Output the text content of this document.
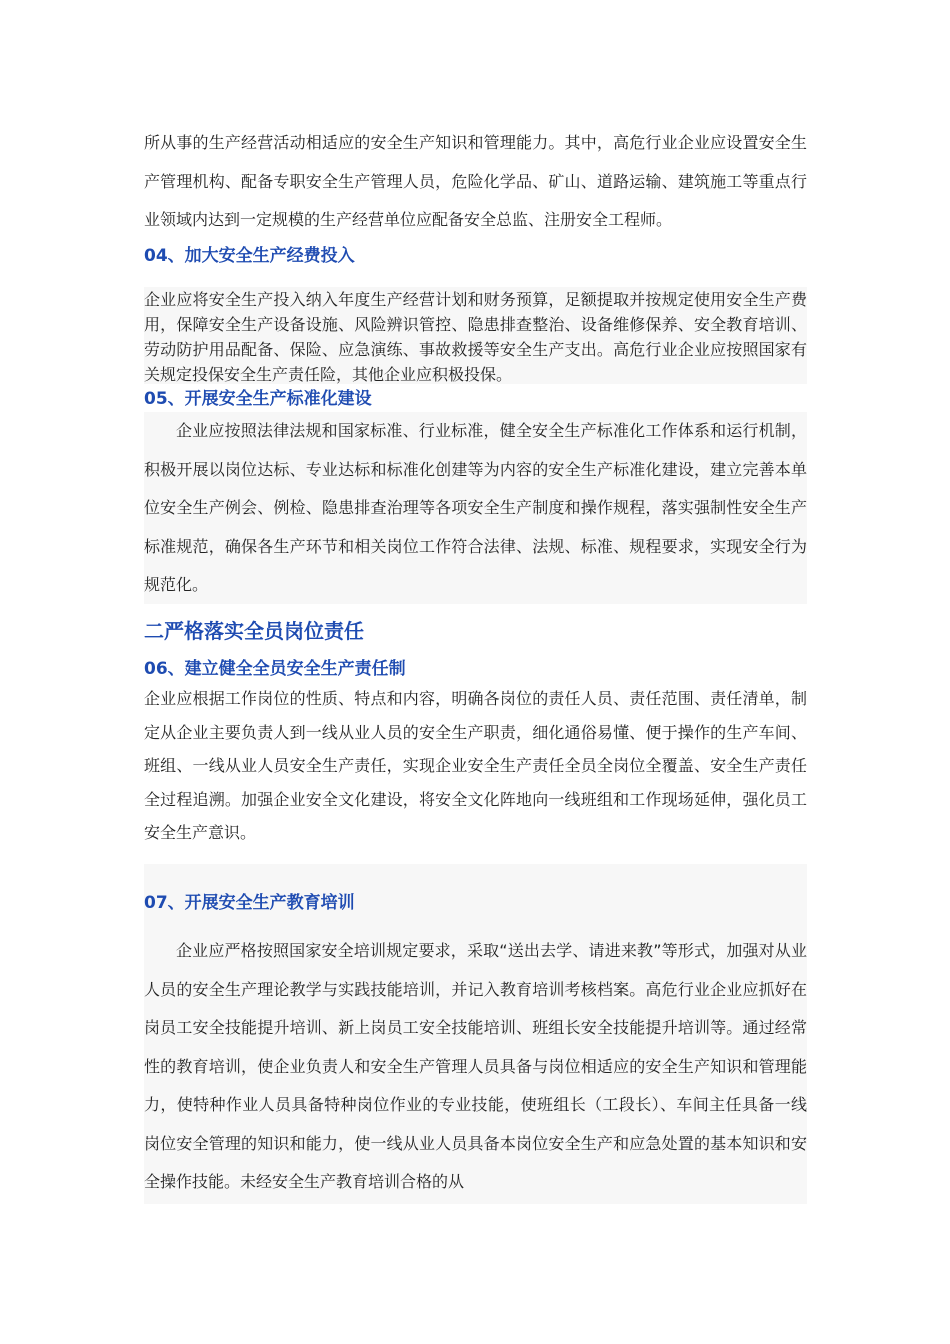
所从事的生产经营活动相适应的安全生产知识和管理能力。其中，高危行业企业应设置安全生产管理机构、配备专职安全生产管理人员，危险化学品、矿山、道路运输、建筑施工等重点行业领域内达到一定规模的生产经营单位应配备安全总监、注册安全工程师。

04、加大安全生产经费投入

企业应将安全生产投入纳入年度生产经营计划和财务预算，足额提取并按规定使用安全生产费用，保障安全生产设备设施、风险辨识管控、隐患排查整治、设备维修保养、安全教育培训、劳动防护用品配备、保险、应急演练、事故救援等安全生产支出。高危行业企业应按照国家有关规定投保安全生产责任险，其他企业应积极投保。

05、开展安全生产标准化建设

企业应按照法律法规和国家标准、行业标准，健全安全生产标准化工作体系和运行机制，积极开展以岗位达标、专业达标和标准化创建等为内容的安全生产标准化建设，建立完善本单位安全生产例会、例检、隐患排查治理等各项安全生产制度和操作规程，落实强制性安全生产标准规范，确保各生产环节和相关岗位工作符合法律、法规、标准、规程要求，实现安全行为规范化。

二严格落实全员岗位责任
06、建立健全全员安全生产责任制

企业应根据工作岗位的性质、特点和内容，明确各岗位的责任人员、责任范围、责任清单，制定从企业主要负责人到一线从业人员的安全生产职责，细化通俗易懂、便于操作的生产车间、班组、一线从业人员安全生产责任，实现企业安全生产责任全员全岗位全覆盖、安全生产责任全过程追溯。加强企业安全文化建设，将安全文化阵地向一线班组和工作现场延伸，强化员工安全生产意识。

07、开展安全生产教育培训

企业应严格按照国家安全培训规定要求，采取“送出去学、请进来教”等形式，加强对从业人员的安全生产理论教学与实践技能培训，并记入教育培训考核档案。高危行业企业应抓好在岗员工安全技能提升培训、新上岗员工安全技能培训、班组长安全技能提升培训等。通过经常性的教育培训，使企业负责人和安全生产管理人员具备与岗位相适应的安全生产知识和管理能力，使特种作业人员具备特种岗位作业的专业技能，使班组长（工段长）、车间主任具备一线岗位安全管理的知识和能力，使一线从业人员具备本岗位安全生产和应急处置的基本知识和安全操作技能。未经安全生产教育培训合格的从
